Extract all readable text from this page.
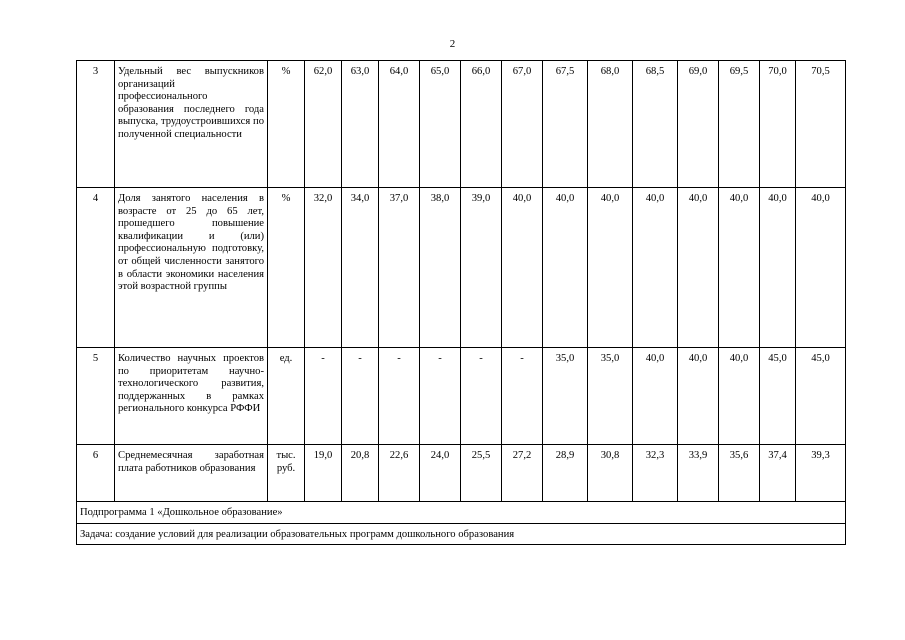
2
3	Удельный вес выпускников организаций профессионального образования последнего года выпуска, трудоустроившихся по полученной специальности	%	62,0	63,0	64,0	65,0	66,0	67,0	67,5	68,0	68,5	69,0	69,5	70,0	70,5
4	Доля занятого населения в возрасте от 25 до 65 лет, прошедшего повышение квалификации и (или) профессиональную подготовку, от общей численности занятого в области экономики населения этой возрастной группы	%	32,0	34,0	37,0	38,0	39,0	40,0	40,0	40,0	40,0	40,0	40,0	40,0	40,0
5	Количество научных проектов по приоритетам научно-технологического развития, поддержанных в рамках регионального конкурса РФФИ	ед.	-	-	-	-	-	-	35,0	35,0	40,0	40,0	40,0	45,0	45,0
6	Среднемесячная заработная плата работников образования	тыс. руб.	19,0	20,8	22,6	24,0	25,5	27,2	28,9	30,8	32,3	33,9	35,6	37,4	39,3
Подпрограмма 1 «Дошкольное образование»															
Задача: создание условий для реализации образовательных программ дошкольного образования															
